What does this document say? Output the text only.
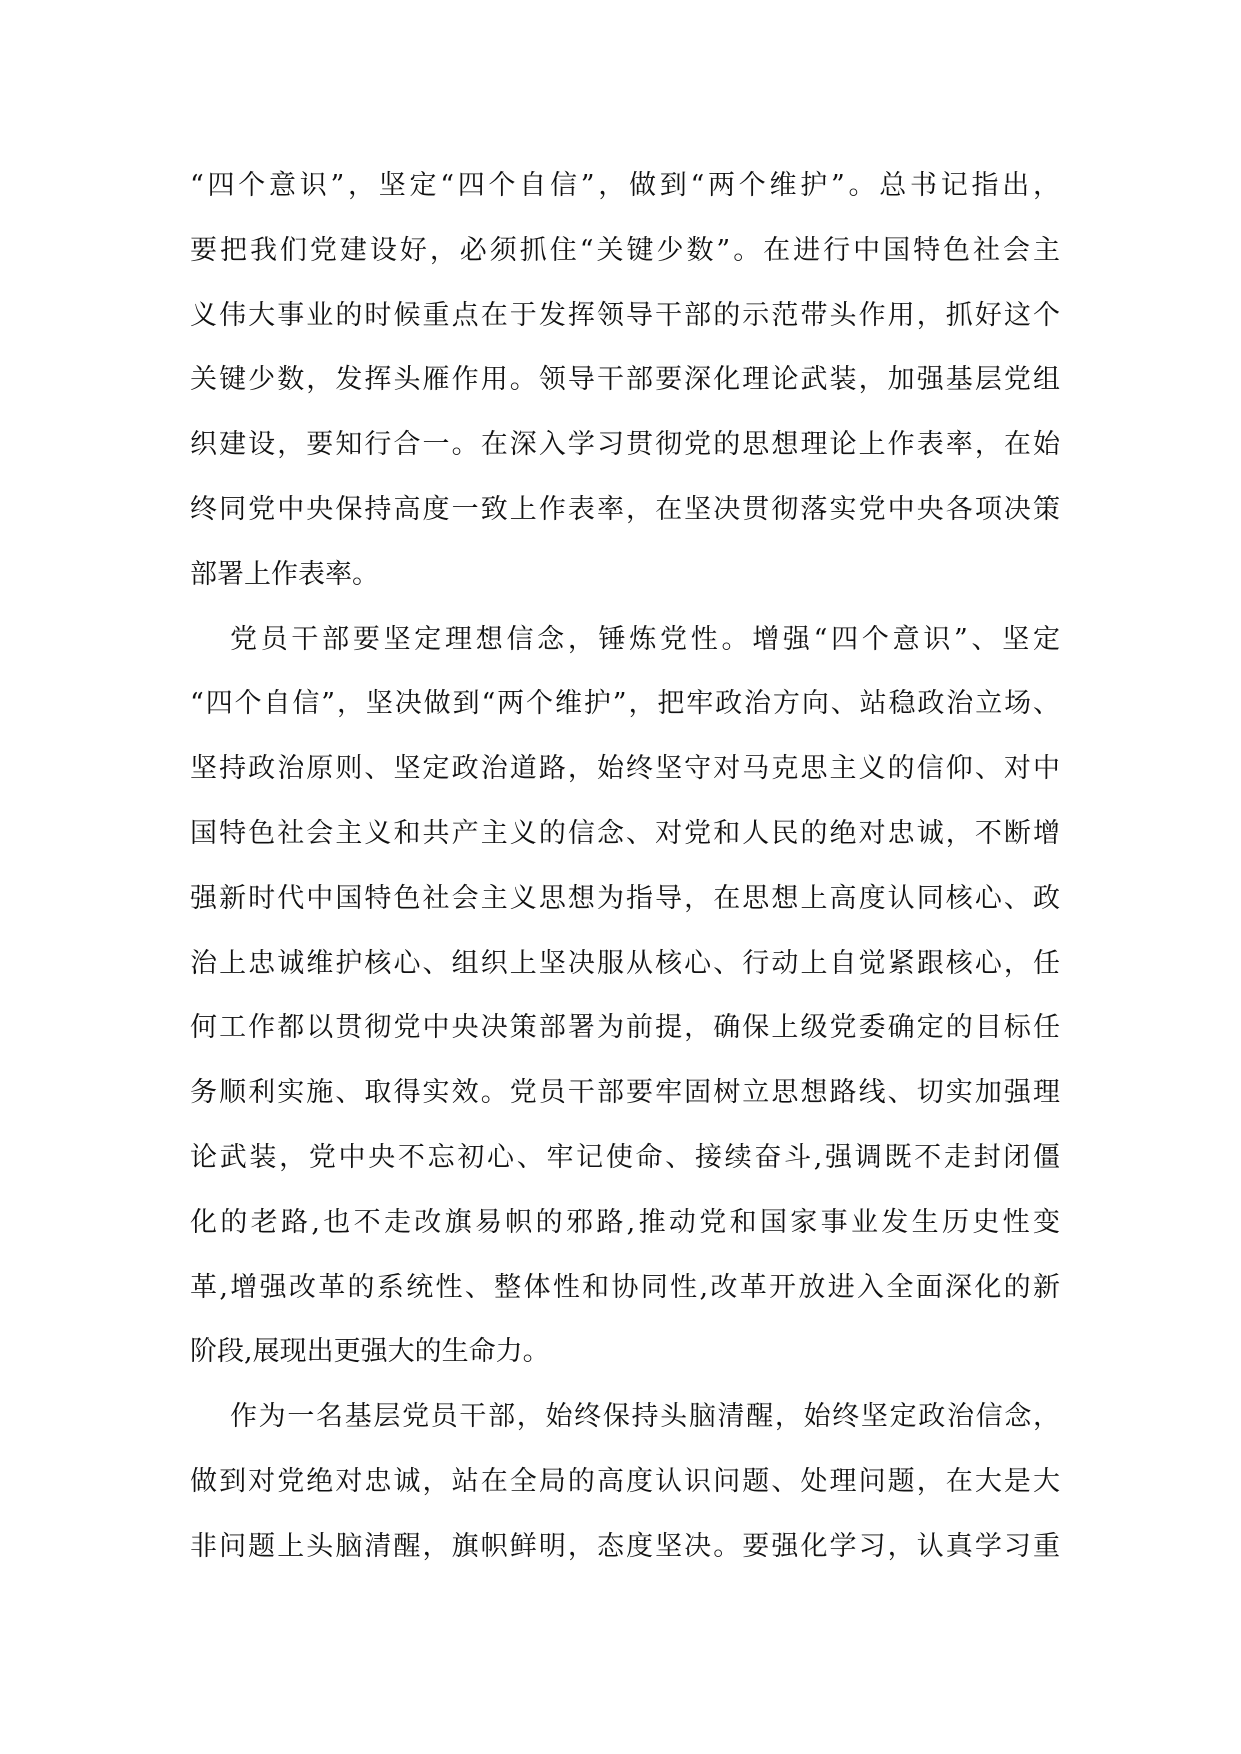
“四个意识”，坚定“四个自信”，做到“两个维护”。总书记指出，
要把我们党建设好，必须抓住“关键少数”。在进行中国特色社会主
义伟大事业的时候重点在于发挥领导干部的示范带头作用，抓好这个
关键少数，发挥头雁作用。领导干部要深化理论武装，加强基层党组
织建设，要知行合一。在深入学习贯彻党的思想理论上作表率，在始
终同党中央保持高度一致上作表率，在坚决贯彻落实党中央各项决策
部署上作表率。
党员干部要坚定理想信念，锤炼党性。增强“四个意识”、坚定
“四个自信”，坚决做到“两个维护”，把牢政治方向、站稳政治立场、
坚持政治原则、坚定政治道路，始终坚守对马克思主义的信仰、对中
国特色社会主义和共产主义的信念、对党和人民的绝对忠诚，不断增
强新时代中国特色社会主义思想为指导，在思想上高度认同核心、政
治上忠诚维护核心、组织上坚决服从核心、行动上自觉紧跟核心，任
何工作都以贯彻党中央决策部署为前提，确保上级党委确定的目标任
务顺利实施、取得实效。党员干部要牢固树立思想路线、切实加强理
论武装，党中央不忘初心、牢记使命、接续奋斗,强调既不走封闭僵
化的老路,也不走改旗易帜的邪路,推动党和国家事业发生历史性变
革,增强改革的系统性、整体性和协同性,改革开放进入全面深化的新
阶段,展现出更强大的生命力。
作为一名基层党员干部，始终保持头脑清醒，始终坚定政治信念，
做到对党绝对忠诚，站在全局的高度认识问题、处理问题，在大是大
非问题上头脑清醒，旗帜鲜明，态度坚决。要强化学习，认真学习重
